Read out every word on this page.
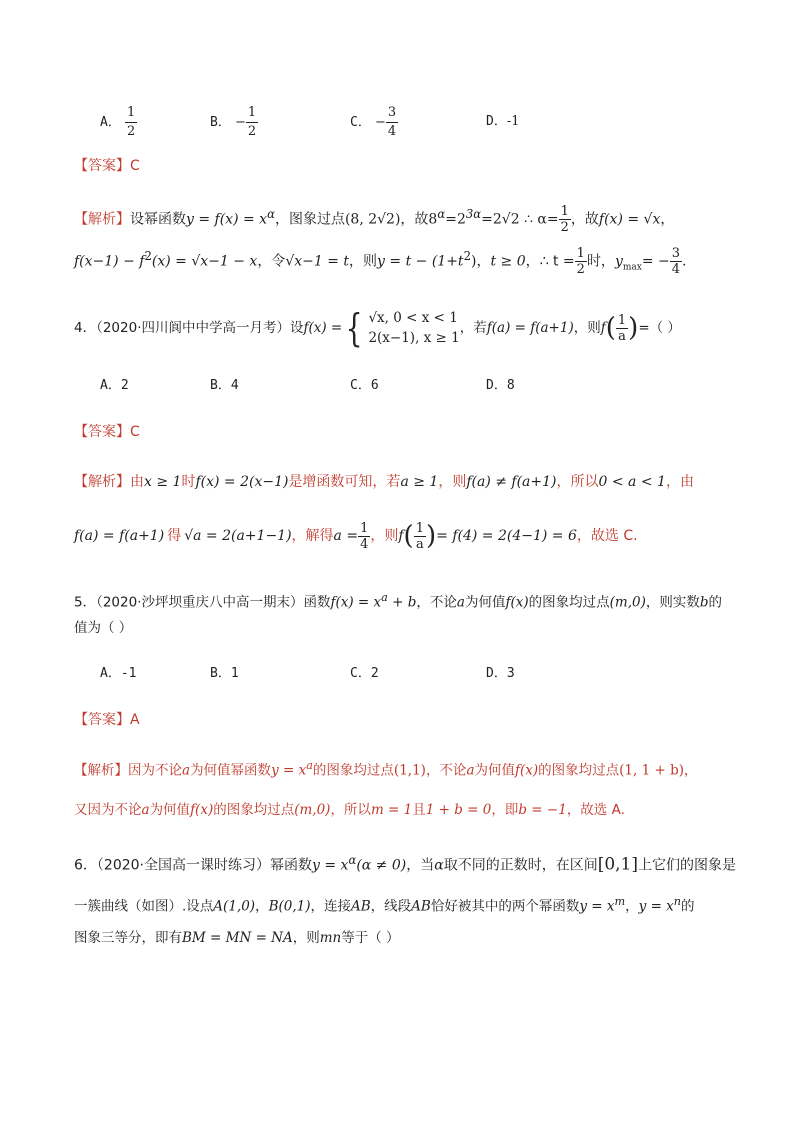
A． $\frac{1}{2}$	B． − $\frac{1}{2}$	C． − $\frac{3}{4}$	D．-1
【答案】C
【解析】设幂函数$y = f(x) = x^\alpha$，图象过点(8, 2√2)，故$8^\alpha=2^{3\alpha}=2√2$ ∴ $\alpha= \frac{1}{2}$ ，故f(x) = √x，
$f(x-1) - f^2(x) = √x-1 - x$，令√x−1 = t，则$y = t - (1+t^2)$，t ≥ 0，∴ $t = \frac{1}{2}$ 时，$y_{max}= - \frac{3}{4}$ .
4．（2020·四川阆中中学高一月考）设 f(x) = { √x, 0 < x < 1
2(x−1), x ≥ 1
，若 f(a) = f(a+1) ，则 f ( $\frac{1}{a}$ ) =（ ）
A．2	B．4	C．6	D．8
【答案】C
【解析】由x ≥ 1时f(x) = 2(x−1)是增函数可知，若a ≥ 1，则f(a) ≠ f(a+1)，所以0 < a < 1，由
f(a) = f(a+1) 得 √a = 2(a+1−1) ，解得 $a = \frac{1}{4}$ ，则 f ( $\frac{1}{a}$ ) = f(4) = 2(4−1) = 6 ，故选 C.
5．（2020·沙坪坝重庆八中高一期末）函数$f(x) = x^a + b$，不论a为何值f(x)的图象均过点(m,0)，则实数b的
值为（ ）
A．-1	B．1	C．2	D．3
【答案】A
【解析】因为不论a为何值幂函数$y = x^a$的图象均过点(1,1)，不论a为何值f(x)的图象均过点(1, 1 + b)，
又因为不论a为何值f(x)的图象均过点(m,0)，所以m = 1且1 + b = 0，即b = −1，故选 A.
6．（2020·全国高一课时练习）幂函数$y = x^\alpha(\alpha \ne 0)$，当α取不同的正数时，在区间[0,1]上它们的图象是
一簇曲线（如图）.设点A(1,0)，B(0,1)，连接AB，线段AB恰好被其中的两个幂函数$y = x^m$，$y = x^n$的
图象三等分，即有BM = MN = NA，则mn等于（ ）
